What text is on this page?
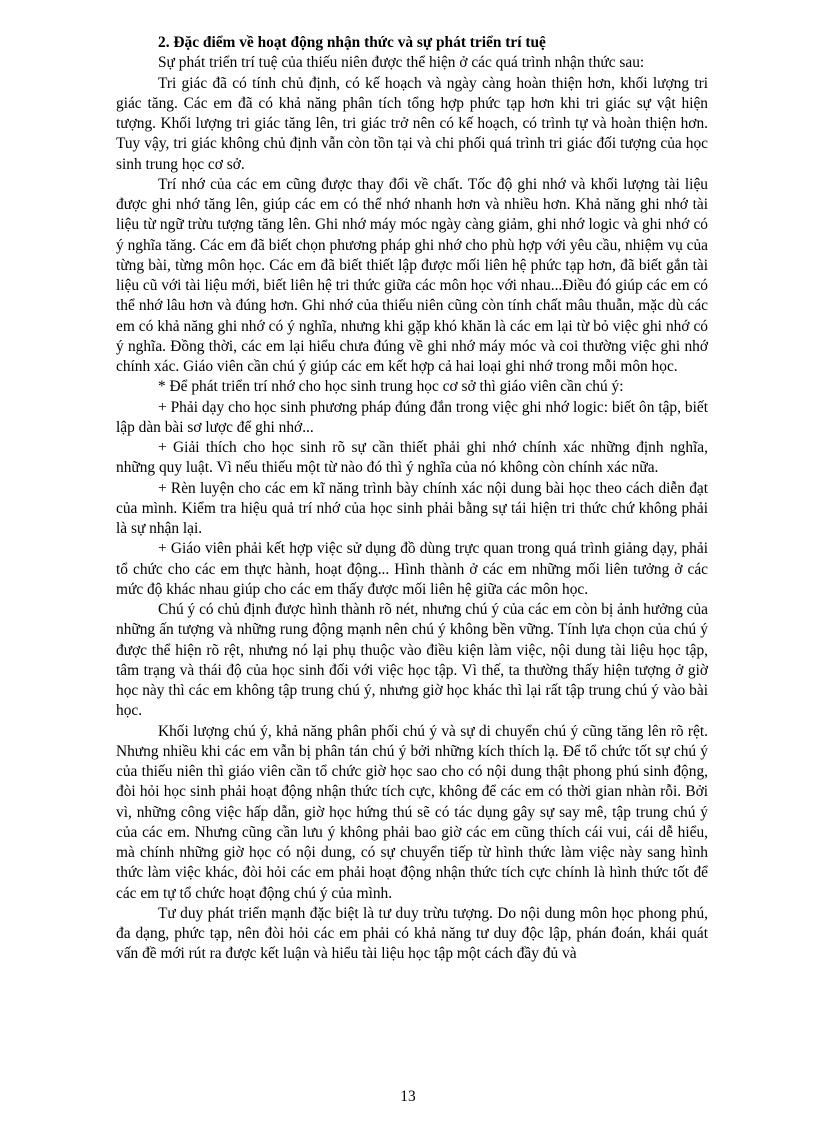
2. Đặc điểm về hoạt động nhận thức và sự phát triển trí tuệ

Sự phát triển trí tuệ của thiếu niên được thể hiện ở các quá trình nhận thức sau:

Tri giác đã có tính chủ định, có kế hoạch và ngày càng hoàn thiện hơn, khối lượng tri giác tăng. Các em đã có khả năng phân tích tổng hợp phức tạp hơn khi tri giác sự vật hiện tượng. Khối lượng tri giác tăng lên, tri giác trở nên có kế hoạch, có trình tự và hoàn thiện hơn. Tuy vậy, tri giác không chủ định vẫn còn tồn tại và chi phối quá trình tri giác đối tượng của học sinh trung học cơ sở.

Trí nhớ của các em cũng được thay đổi về chất. Tốc độ ghi nhớ và khối lượng tài liệu được ghi nhớ tăng lên, giúp các em có thể nhớ nhanh hơn và nhiều hơn. Khả năng ghi nhớ tài liệu từ ngữ trừu tượng tăng lên. Ghi nhớ máy móc ngày càng giảm, ghi nhớ logic và ghi nhớ có ý nghĩa tăng. Các em đã biết chọn phương pháp ghi nhớ cho phù hợp với yêu cầu, nhiệm vụ của từng bài, từng môn học. Các em đã biết thiết lập được mối liên hệ phức tạp hơn, đã biết gắn tài liệu cũ với tài liệu mới, biết liên hệ tri thức giữa các môn học với nhau...Điều đó giúp các em có thể nhớ lâu hơn và đúng hơn. Ghi nhớ của thiếu niên cũng còn tính chất mâu thuẫn, mặc dù các em có khả năng ghi nhớ có ý nghĩa, nhưng khi gặp khó khăn là các em lại từ bỏ việc ghi nhớ có ý nghĩa. Đồng thời, các em lại hiểu chưa đúng về ghi nhớ máy móc và coi thường việc ghi nhớ chính xác. Giáo viên cần chú ý giúp các em kết hợp cả hai loại ghi nhớ trong mỗi môn học.

* Để phát triển trí nhớ cho học sinh trung học cơ sở thì giáo viên cần chú ý:

+ Phải dạy cho học sinh phương pháp đúng đắn trong việc ghi nhớ logic: biết ôn tập, biết lập dàn bài sơ lược để ghi nhớ...

+ Giải thích cho học sinh rõ sự cần thiết phải ghi nhớ chính xác những định nghĩa, những quy luật. Vì nếu thiếu một từ nào đó thì ý nghĩa của nó không còn chính xác nữa.

+ Rèn luyện cho các em kĩ năng trình bày chính xác nội dung bài học theo cách diễn đạt của mình. Kiểm tra hiệu quả trí nhớ của học sinh phải bằng sự tái hiện tri thức chứ không phải là sự nhận lại.

+ Giáo viên phải kết hợp việc sử dụng đồ dùng trực quan trong quá trình giảng dạy, phải tổ chức cho các em thực hành, hoạt động... Hình thành ở các em những mối liên tưởng ở các mức độ khác nhau giúp cho các em thấy được mối liên hệ giữa các môn học.

Chú ý có chủ định được hình thành rõ nét, nhưng chú ý của các em còn bị ảnh hưởng của những ấn tượng và những rung động mạnh nên chú ý không bền vững. Tính lựa chọn của chú ý được thể hiện rõ rệt, nhưng nó lại phụ thuộc vào điều kiện làm việc, nội dung tài liệu học tập, tâm trạng và thái độ của học sinh đối với việc học tập. Vì thế, ta thường thấy hiện tượng ở giờ học này thì các em không tập trung chú ý, nhưng giờ học khác thì lại rất tập trung chú ý vào bài học.

Khối lượng chú ý, khả năng phân phối chú ý và sự di chuyển chú ý cũng tăng lên rõ rệt. Nhưng nhiều khi các em vẫn bị phân tán chú ý bởi những kích thích lạ. Để tổ chức tốt sự chú ý của thiếu niên thì giáo viên cần tổ chức giờ học sao cho có nội dung thật phong phú sinh động, đòi hỏi học sinh phải hoạt động nhận thức tích cực, không để các em có thời gian nhàn rỗi. Bởi vì, những công việc hấp dẫn, giờ học hứng thú sẽ có tác dụng gây sự say mê, tập trung chú ý của các em. Nhưng cũng cần lưu ý không phải bao giờ các em cũng thích cái vui, cái dễ hiểu, mà chính những giờ học có nội dung, có sự chuyển tiếp từ hình thức làm việc này sang hình thức làm việc khác, đòi hỏi các em phải hoạt động nhận thức tích cực chính là hình thức tốt để các em tự tổ chức hoạt động chú ý của mình.

Tư duy phát triển mạnh đặc biệt là tư duy trừu tượng. Do nội dung môn học phong phú, đa dạng, phức tạp, nên đòi hỏi các em phải có khả năng tư duy độc lập, phán đoán, khái quát vấn đề mới rút ra được kết luận và hiểu tài liệu học tập một cách đầy đủ và

13
